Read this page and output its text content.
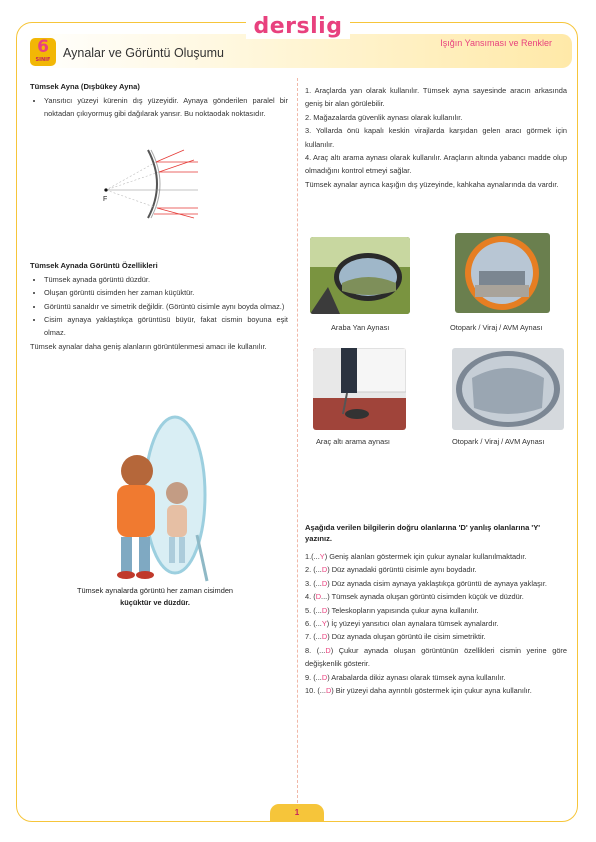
derslig
6
SINIF	Aynalar ve Görüntü Oluşumu
Işığın Yansıması ve Renkler
Tümsek Ayna (Dışbükey Ayna)
• Yansıtıcı yüzeyi kürenin dış yüzeyidir. Aynaya gönderilen paralel bir noktadan çıkıyormuş gibi dağılarak yansır. Bu noktaodak noktasıdır.
Tümsek Aynada Görüntü Özellikleri
• Tümsek aynada görüntü düzdür.
• Oluşan görüntü cisimden her zaman küçüktür.
• Görüntü sanaldır ve simetrik değildir. (Görüntü cisimle aynı boyda olmaz.)
• Cisim aynaya yaklaştıkça görüntüsü büyür, fakat cismin boyuna eşit olmaz.

Tümsek aynalar daha geniş alanların görüntülenmesi amacı ile kullanılır.

F
Tümsek aynalarda görüntü her zaman cisimden
küçüktür ve düzdür.

1. Araçlarda yan olarak kullanılır. Tümsek ayna sayesinde aracın arkasında geniş bir alan görülebilir.

2. Mağazalarda güvenlik aynası olarak kullanılır.

3. Yollarda önü kapalı keskin virajlarda karşıdan gelen aracı görmek için kullanılır.

4. Araç altı arama aynası olarak kullanılır. Araçların altında yabancı madde olup olmadığını kontrol etmeyi sağlar.

Tümsek aynalar ayrıca kaşığın dış yüzeyinde, kahkaha aynalarında da vardır.

Araba Yan Aynası	Otopark / Viraj / AVM Aynası
Araç altı arama aynası	Otopark / Viraj / AVM Aynası
Aşağıda verilen bilgilerin doğru olanlarına 'D' yanlış olanlarına 'Y' yazınız.

1.(...Y) Geniş alanları göstermek için çukur aynalar kullanılmaktadır.

2. (...D) Düz aynadaki görüntü cisimle aynı boydadır.

3. (...D) Düz aynada cisim aynaya yaklaştıkça görüntü de aynaya yaklaşır.

4. (D...) Tümsek aynada oluşan görüntü cisimden küçük ve düzdür.

5. (...D) Teleskopların yapısında çukur ayna kullanılır.

6. (...Y) İç yüzeyi yansıtıcı olan aynalara tümsek aynalardır.

7. (...D) Düz aynada oluşan görüntü ile cisim simetriktir.

8. (...D) Çukur aynada oluşan görüntünün özellikleri cismin yerine göre değişkenlik gösterir.

9. (...D) Arabalarda dikiz aynası olarak tümsek ayna kullanılır.

10. (...D) Bir yüzeyi daha ayrıntılı göstermek için çukur ayna kullanılır.

1
